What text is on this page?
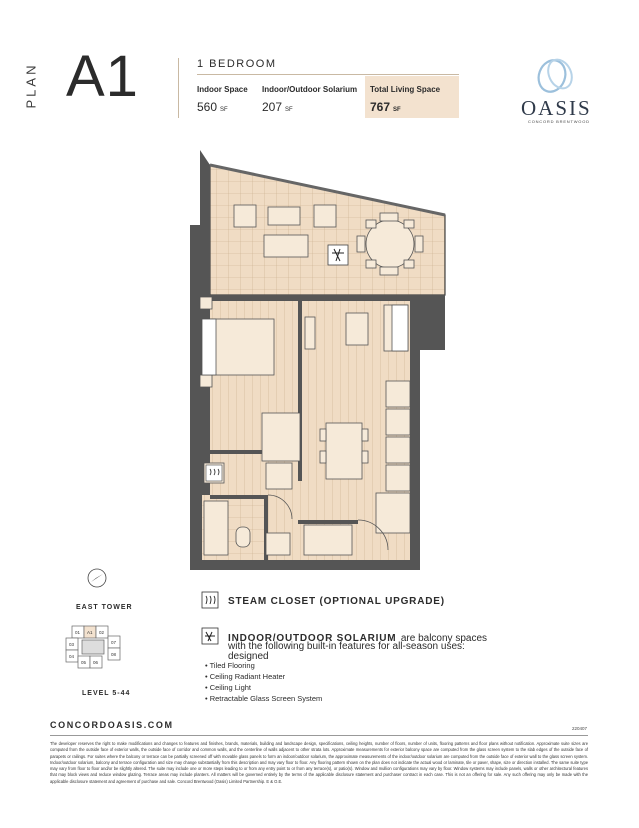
PLAN A1	1 BEDROOM
Indoor Space
560 SF
Indoor/Outdoor Solarium
207 SF
Total Living Space
767 SF	OASIS
CONCORD BRENTWOOD
EAST TOWER
01 A1 02
03
04
05 06
07
08
LEVEL 5-44
STEAM CLOSET (OPTIONAL UPGRADE)
INDOOR/OUTDOOR SOLARIUM are balcony spaces designed
with the following built-in features for all-season uses:
• Tiled Flooring
• Ceiling Radiant Heater
• Ceiling Light
• Retractable Glass Screen System
CONCORDOASIS.COM	220407
The developer reserves the right to make modifications and changes to features and finishes, brands, materials, building and landscape design, specifications, ceiling heights, number of floors, number of units, flooring patterns and floor plans without notification. Approximate suite sizes are computed from the outside face of exterior walls, the outside face of corridor and common walls, and the centerline of walls adjacent to other strata lots. Approximate measurements for exterior balcony space are computed from the glass screen system to the slab edges of the outside face of parapets or railings. For suites where the balcony or terrace can be partially screened off with movable glass panels to form an indoor/outdoor solarium, the approximate measurements of the indoor/outdoor solarium are computed from the outside face of exterior wall to the glass screen system. Indoor/outdoor solarium, balcony and terrace configuration and size may change substantially from this description and may vary floor to floor. Any flooring pattern shown on the plan does not indicate the actual wood or laminate, tile or paver, shape, size or direction installed. The same suite type may vary from floor to floor and/or be slightly altered. The suite may include one or more steps leading to or from any entry point to or from any terrace(s), or patio(s). Window and mullion configurations may vary by floor. Window systems may include panels, walls or other architectural features that may block views and reduce window glazing. Terrace areas may include planters. All matters will be governed entirely by the terms of the applicable disclosure statement and purchaser contract in each case. This is not an offering for sale. Any such offering may only be made with the applicable disclosure statement and agreement of purchase and sale. Concord Brentwood (Oasis) Limited Partnership. E & O.E.
